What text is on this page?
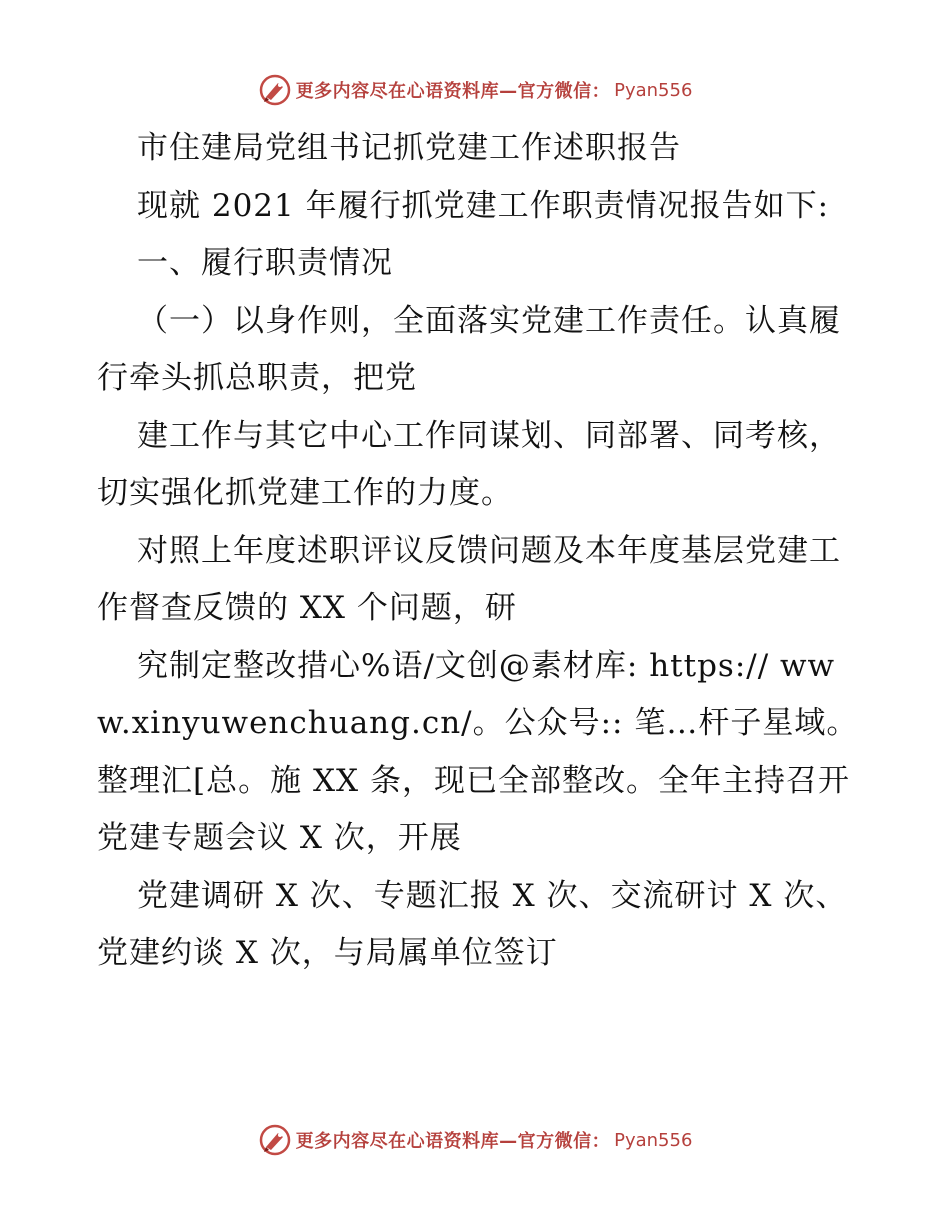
更多内容尽在心语资料库—官方微信： Pyan556

市住建局党组书记抓党建工作述职报告

现就 2021 年履行抓党建工作职责情况报告如下:

一、履行职责情况

（一）以身作则，全面落实党建工作责任。认真履行牵头抓总职责，把党

建工作与其它中心工作同谋划、同部署、同考核，切实强化抓党建工作的力度。

对照上年度述职评议反馈问题及本年度基层党建工作督查反馈的 XX 个问题，研

究制定整改措心%语/文创@素材库: https:// www.xinyuwenchuang.cn/。公众号:: 笔…杆子星域。整理汇[总。施 XX 条，现已全部整改。全年主持召开党建专题会议 X 次，开展

党建调研 X 次、专题汇报 X 次、交流研讨 X 次、党建约谈 X 次，与局属单位签订

更多内容尽在心语资料库—官方微信： Pyan556
